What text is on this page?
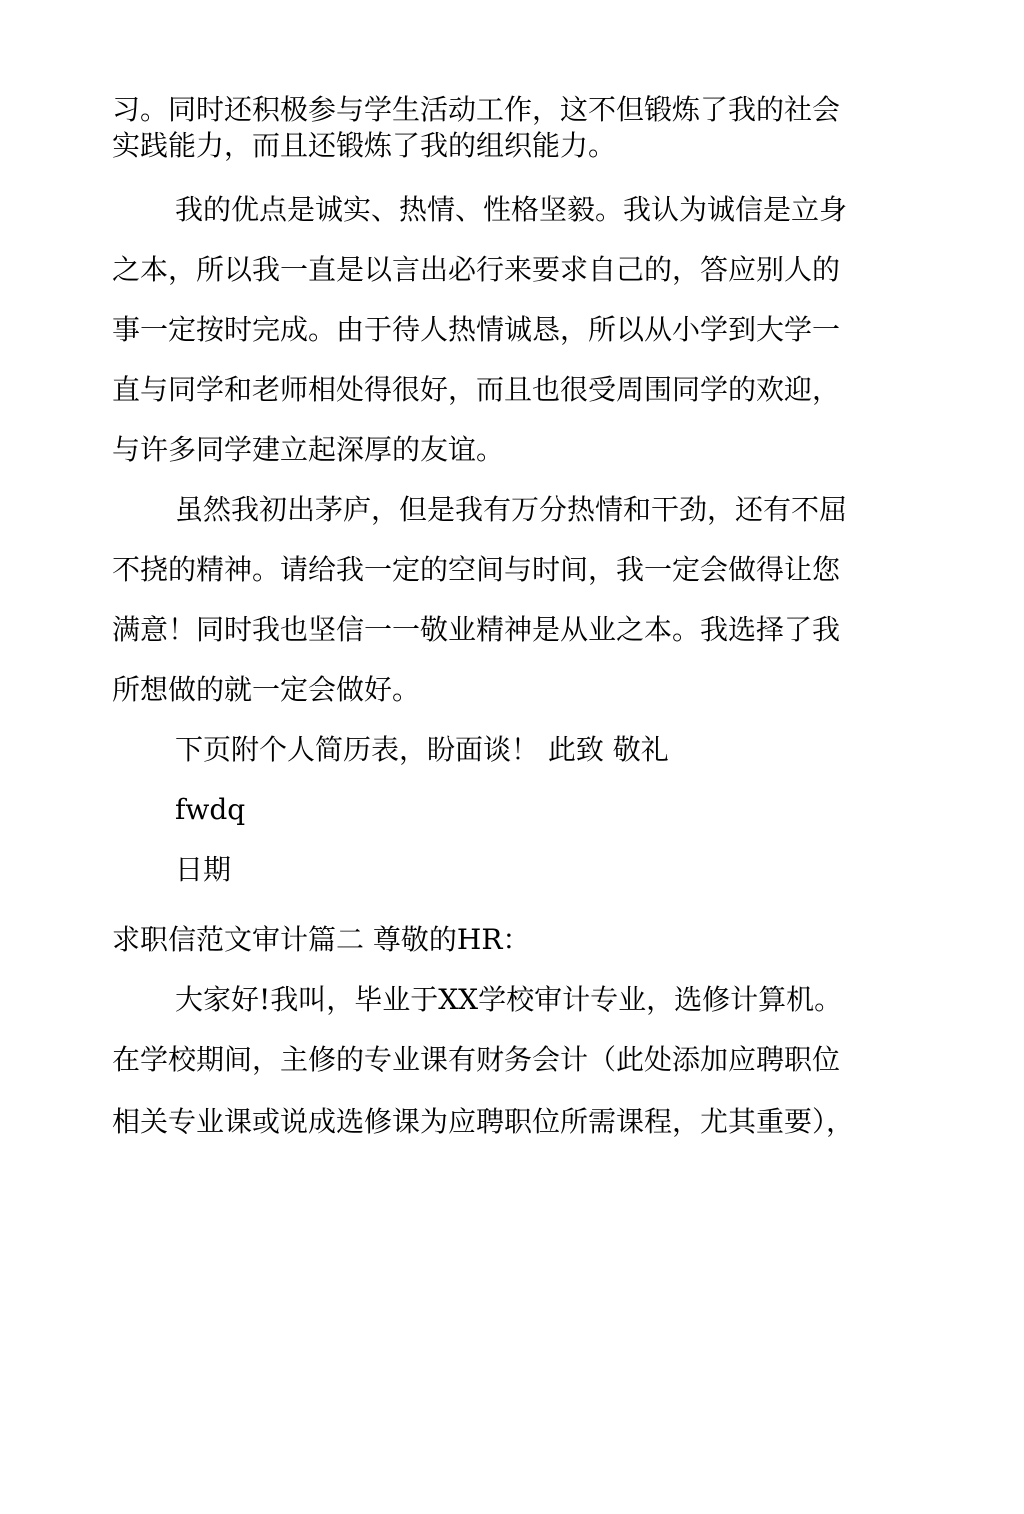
习。同时还积极参与学生活动工作，这不但锻炼了我的社会
实践能力，而且还锻炼了我的组织能力。
我的优点是诚实、热情、性格坚毅。我认为诚信是立身
之本，所以我一直是以言出必行来要求自己的，答应别人的
事一定按时完成。由于待人热情诚恳，所以从小学到大学一
直与同学和老师相处得很好，而且也很受周围同学的欢迎，
与许多同学建立起深厚的友谊。
虽然我初出茅庐，但是我有万分热情和干劲，还有不屈
不挠的精神。请给我一定的空间与时间，我一定会做得让您
满意！同时我也坚信一一敬业精神是从业之本。我选择了我
所想做的就一定会做好。
下页附个人简历表，盼面谈！ 此致 敬礼
fwdq
日期
求职信范文审计篇二 尊敬的HR：
大家好!我叫，毕业于XX学校审计专业，选修计算机。
在学校期间，主修的专业课有财务会计（此处添加应聘职位
相关专业课或说成选修课为应聘职位所需课程，尤其重要），
